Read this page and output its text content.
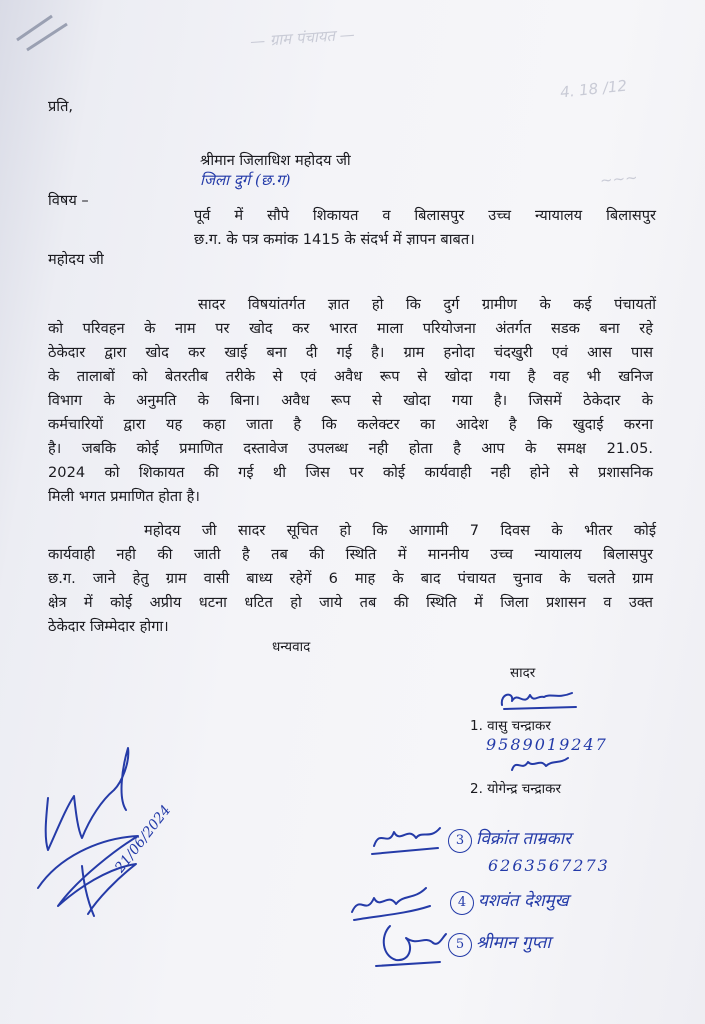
— ग्राम पंचायत —
4. 18 /12
~~~
प्रति,
श्रीमान जिलाधिश महोदय जी
जिला दुर्ग (छ.ग)
विषय –
पूर्व में सौपे शिकायत व बिलासपुर उच्च न्यायालय बिलासपुर
छ.ग. के पत्र कमांक 1415 के संदर्भ में ज्ञापन बाबत।
महोदय जी
सादर विषयांतर्गत ज्ञात हो कि दुर्ग ग्रामीण के कई पंचायतों
को परिवहन के नाम पर खोद कर भारत माला परियोजना अंतर्गत सडक बना रहे
ठेकेदार द्वारा खोद कर खाई बना दी गई है। ग्राम हनोदा चंदखुरी एवं आस पास
के तालाबों को बेतरतीब तरीके से एवं अवैध रूप से खोदा गया है वह भी खनिज
विभाग के अनुमति के बिना। अवैध रूप से खोदा गया है। जिसमें ठेकेदार के
कर्मचारियों द्वारा यह कहा जाता है कि कलेक्टर का आदेश है कि खुदाई करना
है। जबकि कोई प्रमाणित दस्तावेज उपलब्ध नही होता है आप के समक्ष 21.05.
2024 को शिकायत की गई थी जिस पर कोई कार्यवाही नही होने से प्रशासनिक
मिली भगत प्रमाणित होता है।
महोदय जी सादर सूचित हो कि आगामी 7 दिवस के भीतर कोई
कार्यवाही नही की जाती है तब की स्थिति में माननीय उच्च न्यायालय बिलासपुर
छ.ग. जाने हेतु ग्राम वासी बाध्य रहेगें 6 माह के बाद पंचायत चुनाव के चलते ग्राम
क्षेत्र में कोई अप्रीय धटना धटित हो जाये तब की स्थिति में जिला प्रशासन व उक्त
ठेकेदार जिम्मेदार होगा।
धन्यवाद
सादर
1. वासु चन्द्राकर
9589019247
2. योगेन्द्र चन्द्राकर
21/06/2024	3 विक्रांत ताम्रकार
6263567273
4 यशवंत देशमुख
5 श्रीमान गुप्ता
